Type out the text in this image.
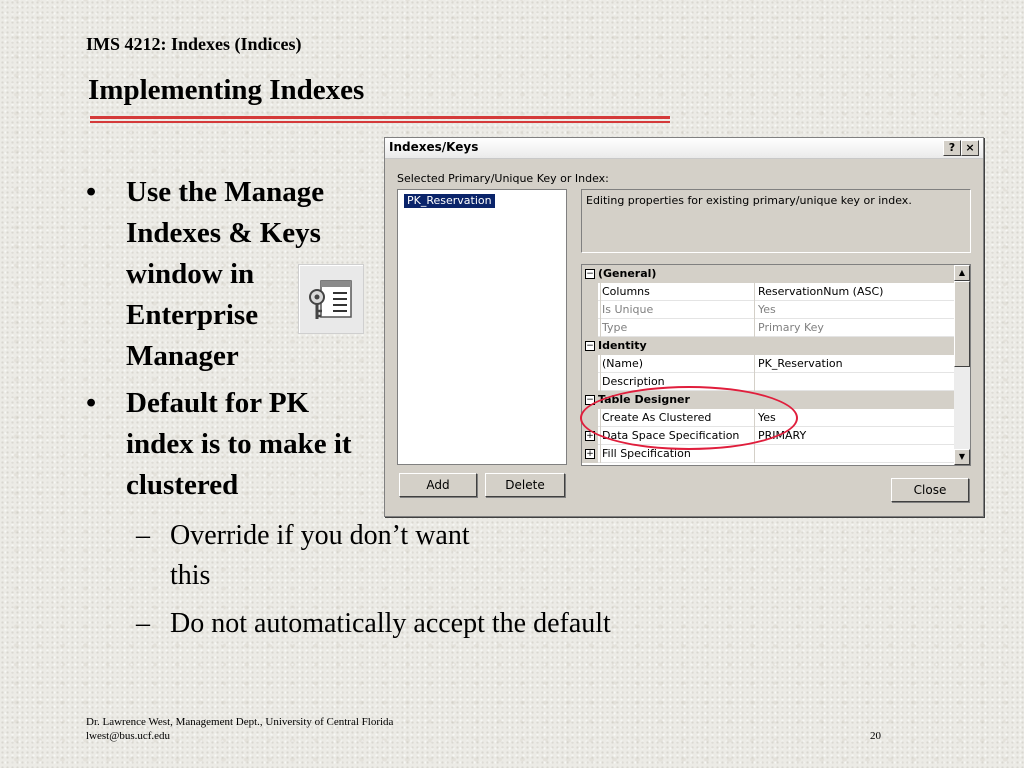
IMS 4212: Indexes (Indices)
Implementing Indexes
•	Use the Manage Indexes & Keys window in Enterprise Manager
•	Default for PK index is to make it clustered
– Override if you don’t want this
– Do not automatically accept the default
Indexes/Keys	? ×
Selected Primary/Unique Key or Index:
PK_Reservation	Editing properties for existing primary/unique key or index.
− (General)
Columns	ReservationNum (ASC)
Is Unique	Yes
Type	Primary Key
− Identity
(Name)	PK_Reservation
Description
− Table Designer
Create As Clustered	Yes
+ Data Space Specification	PRIMARY
+ Fill Specification
▲
▼
Add	Delete	Close
Dr. Lawrence West, Management Dept., University of Central Florida
lwest@bus.ucf.edu	20
